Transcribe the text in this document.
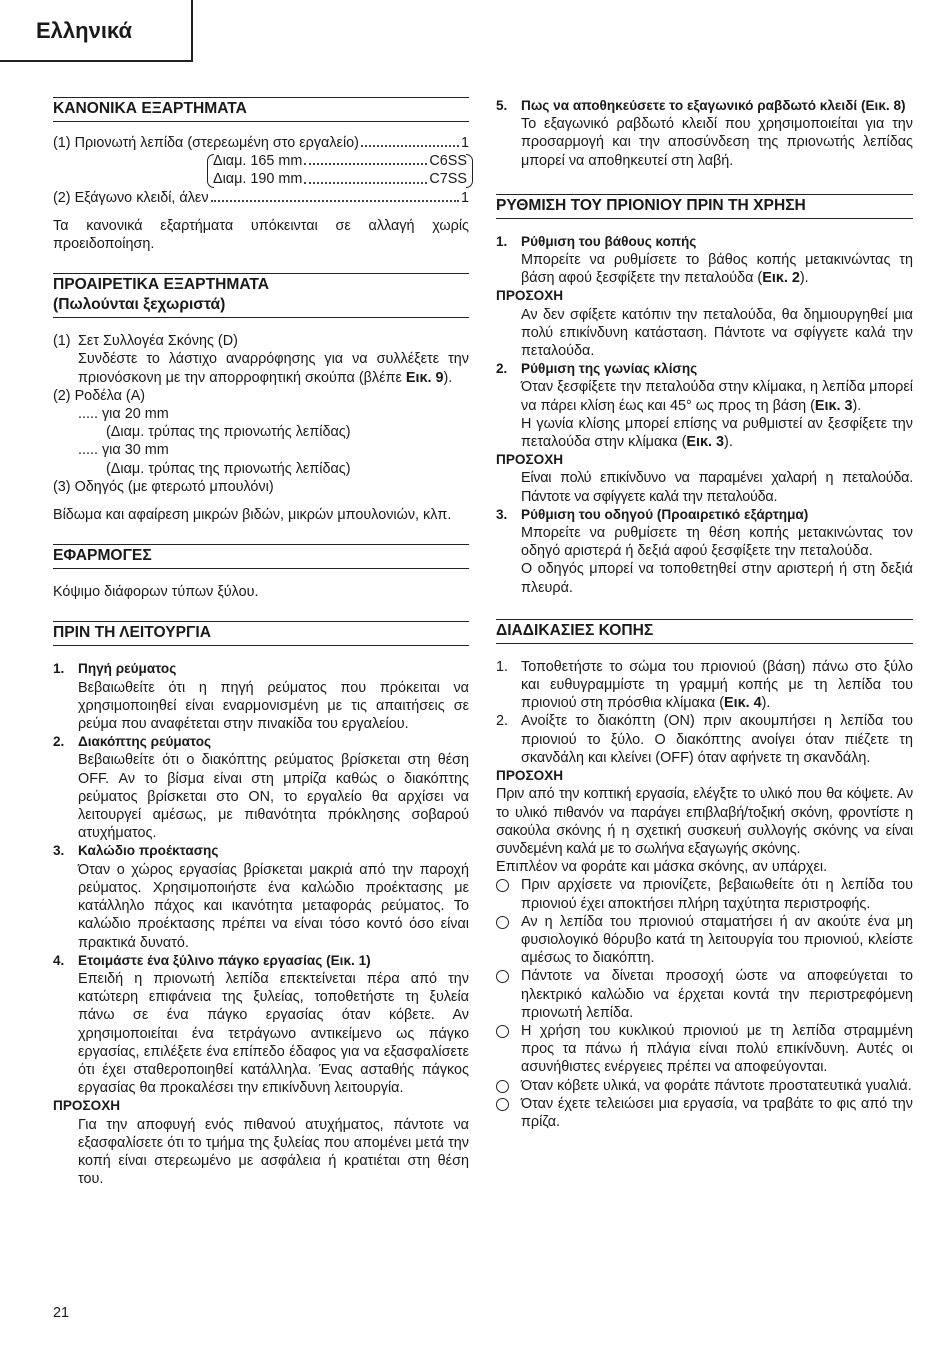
Ελληνικά
ΚΑΝΟΝΙΚΑ ΕΞΑΡΤΗΜΑΤΑ
(1) Πριονωτή λεπίδα (στερεωμένη στο εργαλείο)	1
Διαμ. 165 mm	C6SS
Διαμ. 190 mm	C7SS
(2) Εξάγωνο κλειδί, άλεν	1

Τα κανονικά εξαρτήματα υπόκεινται σε αλλαγή χωρίς προειδοποίηση.

ΠΡΟΑΙΡΕΤΙΚΑ ΕΞΑΡΤΗΜΑΤΑ
(Πωλούνται ξεχωριστά)
(1) Σετ Συλλογέα Σκόνης (D)
Συνδέστε το λάστιχο αναρρόφησης για να συλλέξετε την πριονόσκονη με την απορροφητική σκούπα (βλέπε Εικ. 9).
(2) Ροδέλα (A)
..... για 20 mm
(Διαμ. τρύπας της πριονωτής λεπίδας)
..... για 30 mm
(Διαμ. τρύπας της πριονωτής λεπίδας)
(3) Οδηγός (με φτερωτό μπουλόνι)

Βίδωμα και αφαίρεση μικρών βιδών, μικρών μπουλονιών, κλπ.

ΕΦΑΡΜΟΓΕΣ

Κόψιμο διάφορων τύπων ξύλου.

ΠΡΙΝ ΤΗ ΛΕΙΤΟΥΡΓΙΑ
1. Πηγή ρεύματος
Βεβαιωθείτε ότι η πηγή ρεύματος που πρόκειται να χρησιμοποιηθεί είναι εναρμονισμένη με τις απαιτήσεις σε ρεύμα που αναφέτεται στην πινακίδα του εργαλείου.
2. Διακόπτης ρεύματος
Βεβαιωθείτε ότι ο διακόπτης ρεύματος βρίσκεται στη θέση OFF. Αν το βίσμα είναι στη μπρίζα καθώς ο διακόπτης ρεύματος βρίσκεται στο ON, το εργαλείο θα αρχίσει να λειτουργεί αμέσως, με πιθανότητα πρόκλησης σοβαρού ατυχήματος.
3. Καλώδιο προέκτασης
Όταν ο χώρος εργασίας βρίσκεται μακριά από την παροχή ρεύματος. Χρησιμοποιήστε ένα καλώδιο προέκτασης με κατάλληλο πάχος και ικανότητα μεταφοράς ρεύματος. Το καλώδιο προέκτασης πρέπει να είναι τόσο κοντό όσο είναι πρακτικά δυνατό.
4. Ετοιμάστε ένα ξύλινο πάγκο εργασίας (Εικ. 1)
Επειδή η πριονωτή λεπίδα επεκτείνεται πέρα από την κατώτερη επιφάνεια της ξυλείας, τοποθετήστε τη ξυλεία πάνω σε ένα πάγκο εργασίας όταν κόβετε. Αν χρησιμοποιείται ένα τετράγωνο αντικείμενο ως πάγκο εργασίας, επιλέξετε ένα επίπεδο έδαφος για να εξασφαλίσετε ότι έχει σταθεροποιηθεί κατάλληλα. Ένας ασταθής πάγκος εργασίας θα προκαλέσει την επικίνδυνη λειτουργία.
ΠΡΟΣΟΧΗ
Για την αποφυγή ενός πιθανού ατυχήματος, πάντοτε να εξασφαλίσετε ότι το τμήμα της ξυλείας που απομένει μετά την κοπή είναι στερεωμένο με ασφάλεια ή κρατιέται στη θέση του.
5. Πως να αποθηκεύσετε το εξαγωνικό ραβδωτό κλειδί (Εικ. 8)
Το εξαγωνικό ραβδωτό κλειδί που χρησιμοποιείται για την προσαρμογή και την αποσύνδεση της πριονωτής λεπίδας μπορεί να αποθηκευτεί στη λαβή.
ΡΥΘΜΙΣΗ ΤΟΥ ΠΡΙΟΝΙΟΥ ΠΡΙΝ ΤΗ ΧΡΗΣΗ
1. Ρύθμιση του βάθους κοπής
Μπορείτε να ρυθμίσετε το βάθος κοπής μετακινώντας τη βάση αφού ξεσφίξετε την πεταλούδα (Εικ. 2).
ΠΡΟΣΟΧΗ
Αν δεν σφίξετε κατόπιν την πεταλούδα, θα δημιουργηθεί μια πολύ επικίνδυνη κατάσταση. Πάντοτε να σφίγγετε καλά την πεταλούδα.
2. Ρύθμιση της γωνίας κλίσης
Όταν ξεσφίξετε την πεταλούδα στην κλίμακα, η λεπίδα μπορεί να πάρει κλίση έως και 45° ως προς τη βάση (Εικ. 3).
Η γωνία κλίσης μπορεί επίσης να ρυθμιστεί αν ξεσφίξετε την πεταλούδα στην κλίμακα (Εικ. 3).
ΠΡΟΣΟΧΗ
Είναι πολύ επικίνδυνο να παραμένει χαλαρή η πεταλούδα. Πάντοτε να σφίγγετε καλά την πεταλούδα.
3. Ρύθμιση του οδηγού (Προαιρετικό εξάρτημα)
Μπορείτε να ρυθμίσετε τη θέση κοπής μετακινώντας τον οδηγό αριστερά ή δεξιά αφού ξεσφίξετε την πεταλούδα.
Ο οδηγός μπορεί να τοποθετηθεί στην αριστερή ή στη δεξιά πλευρά.
ΔΙΑΔΙΚΑΣΙΕΣ ΚΟΠΗΣ
1. Τοποθετήστε το σώμα του πριονιού (βάση) πάνω στο ξύλο και ευθυγραμμίστε τη γραμμή κοπής με τη λεπίδα του πριονιού στη πρόσθια κλίμακα (Εικ. 4).
2. Ανοίξτε το διακόπτη (ON) πριν ακουμπήσει η λεπίδα του πριονιού το ξύλο. Ο διακόπτης ανοίγει όταν πιέζετε τη σκανδάλη και κλείνει (OFF) όταν αφήνετε τη σκανδάλη.
ΠΡΟΣΟΧΗ

Πριν από την κοπτική εργασία, ελέγξτε το υλικό που θα κόψετε. Αν το υλικό πιθανόν να παράγει επιβλαβή/τοξική σκόνη, φροντίστε η σακούλα σκόνης ή η σχετική συσκευή συλλογής σκόνης να είναι συνδεμένη καλά με το σωλήνα εξαγωγής σκόνης.

Επιπλέον να φοράτε και μάσκα σκόνης, αν υπάρχει.

Πριν αρχίσετε να πριονίζετε, βεβαιωθείτε ότι η λεπίδα του πριονιού έχει αποκτήσει πλήρη ταχύτητα περιστροφής.
Αν η λεπίδα του πριονιού σταματήσει ή αν ακούτε ένα μη φυσιολογικό θόρυβο κατά τη λειτουργία του πριονιού, κλείστε αμέσως το διακόπτη.
Πάντοτε να δίνεται προσοχή ώστε να αποφεύγεται το ηλεκτρικό καλώδιο να έρχεται κοντά την περιστρεφόμενη πριονωτή λεπίδα.
Η χρήση του κυκλικού πριονιού με τη λεπίδα στραμμένη προς τα πάνω ή πλάγια είναι πολύ επικίνδυνη. Αυτές οι ασυνήθιστες ενέργειες πρέπει να αποφεύγονται.
Όταν κόβετε υλικά, να φοράτε πάντοτε προστατευτικά γυαλιά.
Όταν έχετε τελειώσει μια εργασία, να τραβάτε το φις από την πρίζα.
21
